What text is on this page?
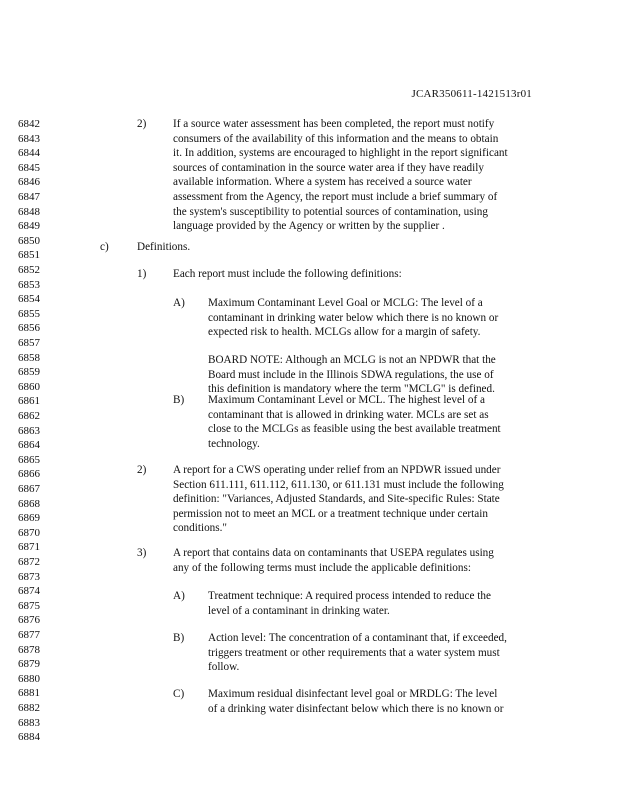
JCAR350611-1421513r01
6842
6843
6844
6845
6846
6847
6848
6849
6850
6851
6852
6853
6854
6855
6856
6857
6858
6859
6860
6861
6862
6863
6864
6865
6866
6867
6868
6869
6870
6871
6872
6873
6874
6875
6876
6877
6878
6879
6880
6881
6882
6883
6884
2) If a source water assessment has been completed, the report must notify
consumers of the availability of this information and the means to obtain
it. In addition, systems are encouraged to highlight in the report significant
sources of contamination in the source water area if they have readily
available information. Where a system has received a source water
assessment from the Agency, the report must include a brief summary of
the system's susceptibility to potential sources of contamination, using
language provided by the Agency or written by the supplier .
c)	Definitions.
1) Each report must include the following definitions:
A) Maximum Contaminant Level Goal or MCLG: The level of a
contaminant in drinking water below which there is no known or
expected risk to health. MCLGs allow for a margin of safety.
BOARD NOTE: Although an MCLG is not an NPDWR that the
Board must include in the Illinois SDWA regulations, the use of
this definition is mandatory where the term "MCLG" is defined.
B) Maximum Contaminant Level or MCL. The highest level of a
contaminant that is allowed in drinking water. MCLs are set as
close to the MCLGs as feasible using the best available treatment
technology.
2) A report for a CWS operating under relief from an NPDWR issued under
Section 611.111, 611.112, 611.130, or 611.131 must include the following
definition: "Variances, Adjusted Standards, and Site-specific Rules: State
permission not to meet an MCL or a treatment technique under certain
conditions."
3) A report that contains data on contaminants that USEPA regulates using
any of the following terms must include the applicable definitions:
A) Treatment technique: A required process intended to reduce the
level of a contaminant in drinking water.
B) Action level: The concentration of a contaminant that, if exceeded,
triggers treatment or other requirements that a water system must
follow.
C) Maximum residual disinfectant level goal or MRDLG: The level
of a drinking water disinfectant below which there is no known or
